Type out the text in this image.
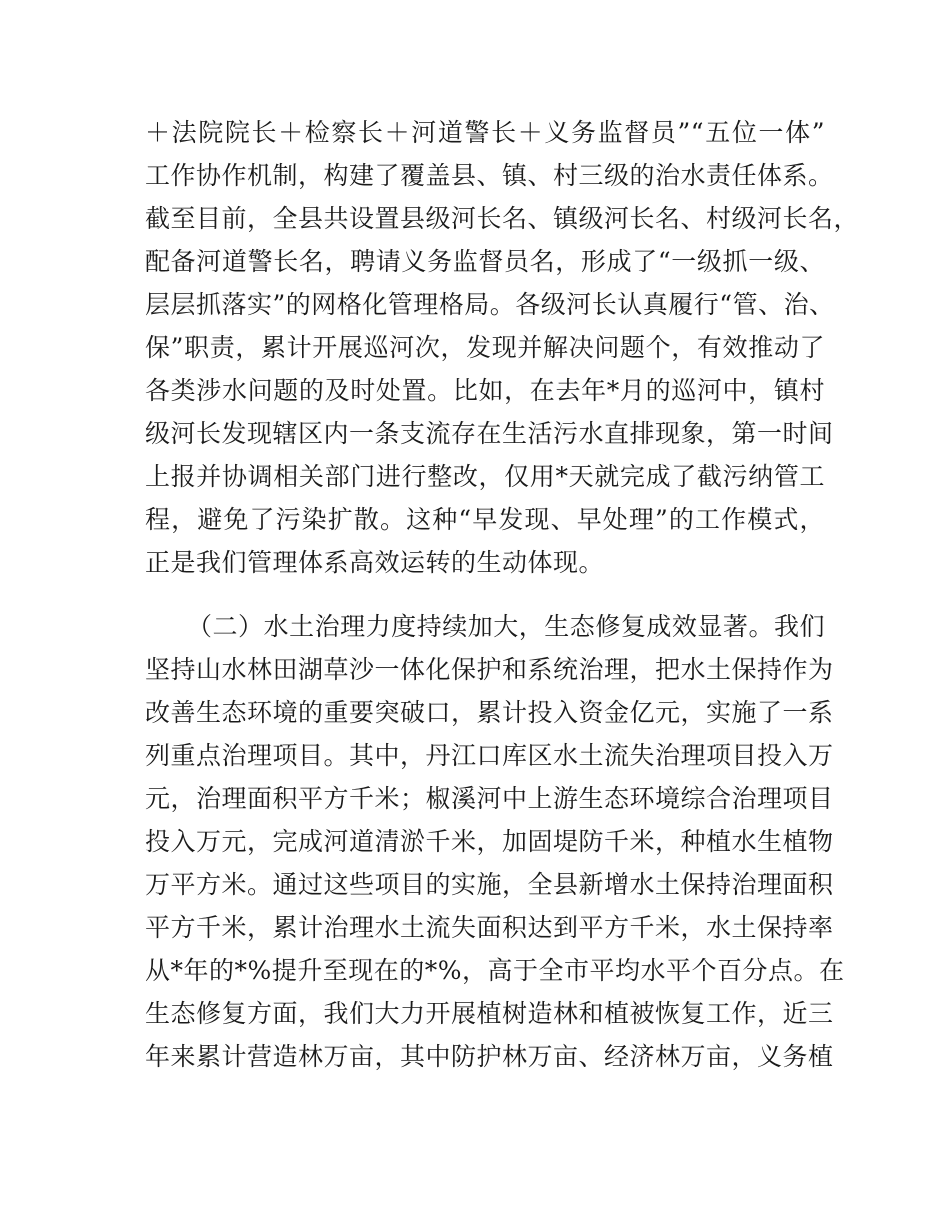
＋法院院长＋检察长＋河道警长＋义务监督员”“五位一体”
工作协作机制，构建了覆盖县、镇、村三级的治水责任体系。
截至目前，全县共设置县级河长名、镇级河长名、村级河长名，
配备河道警长名，聘请义务监督员名，形成了“一级抓一级、
层层抓落实”的网格化管理格局。各级河长认真履行“管、治、
保”职责，累计开展巡河次，发现并解决问题个，有效推动了
各类涉水问题的及时处置。比如，在去年*月的巡河中，镇村
级河长发现辖区内一条支流存在生活污水直排现象，第一时间
上报并协调相关部门进行整改，仅用*天就完成了截污纳管工
程，避免了污染扩散。这种“早发现、早处理”的工作模式，
正是我们管理体系高效运转的生动体现。
（二）水土治理力度持续加大，生态修复成效显著。我们
坚持山水林田湖草沙一体化保护和系统治理，把水土保持作为
改善生态环境的重要突破口，累计投入资金亿元，实施了一系
列重点治理项目。其中，丹江口库区水土流失治理项目投入万
元，治理面积平方千米；椒溪河中上游生态环境综合治理项目
投入万元，完成河道清淤千米，加固堤防千米，种植水生植物
万平方米。通过这些项目的实施，全县新增水土保持治理面积
平方千米，累计治理水土流失面积达到平方千米，水土保持率
从*年的*%提升至现在的*%，高于全市平均水平个百分点。在
生态修复方面，我们大力开展植树造林和植被恢复工作，近三
年来累计营造林万亩，其中防护林万亩、经济林万亩，义务植
